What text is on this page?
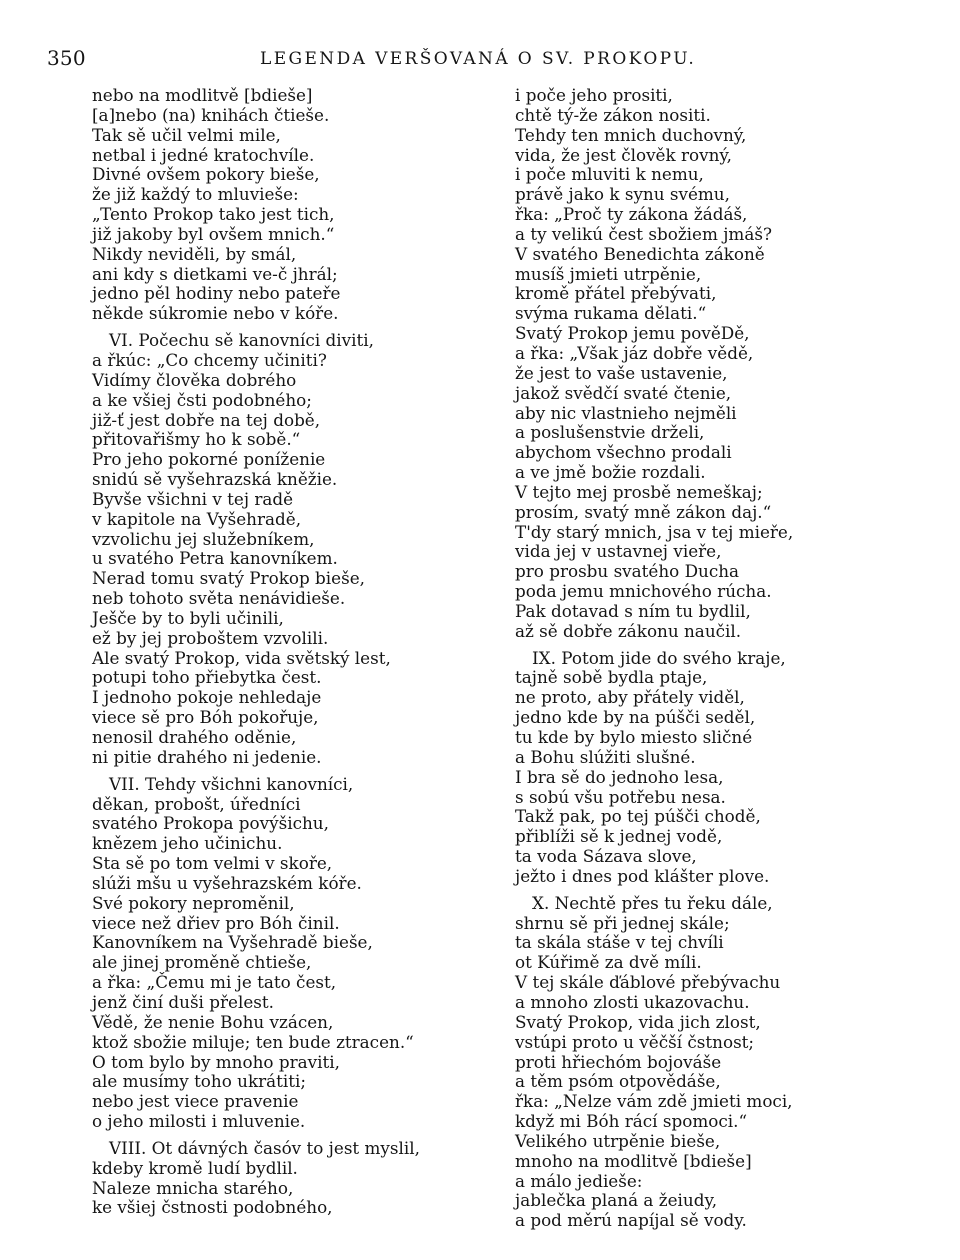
350	LEGENDA VERŠOVANÁ O SV. PROKOPU.
nebo na modlitvě [bdieše]
[a]nebo (na) knihách čtieše.
Tak sě učil velmi mile,
netbal i jedné kratochvíle.
Divné ovšem pokory bieše,
že již každý to mluvieše:
„Tento Prokop tako jest tich,
již jakoby byl ovšem mnich.“
Nikdy neviděli, by smál,
ani kdy s dietkami ve-č jhrál;
jedno pěl hodiny nebo pateře
někde súkromie nebo v kóře.
VI. Počechu sě kanovníci diviti,
a řkúc: „Co chcemy učiniti?
Vidímy člověka dobrého
a ke všiej čsti podobného;
již-ť jest dobře na tej době,
přitovařišmy ho k sobě.“
Pro jeho pokorné poníženie
snidú sě vyšehrazská kněžie.
Byvše všichni v tej radě
v kapitole na Vyšehradě,
vzvolichu jej služebníkem,
u svatého Petra kanovníkem.
Nerad tomu svatý Prokop bieše,
neb tohoto světa nenávidieše.
Ješče by to byli učinili,
ež by jej proboštem vzvolili.
Ale svatý Prokop, vida světský lest,
potupi toho přiebytka čest.
I jednoho pokoje nehledaje
viece sě pro Bóh pokořuje,
nenosil drahého oděnie,
ni pitie drahého ni jedenie.
VII. Tehdy všichni kanovníci,
děkan, probošt, úředníci
svatého Prokopa povýšichu,
knězem jeho učinichu.
Sta sě po tom velmi v skoře,
slúži mšu u vyšehrazském kóře.
Své pokory neproměnil,
viece než dřiev pro Bóh činil.
Kanovníkem na Vyšehradě bieše,
ale jinej proměně chtieše,
a řka: „Čemu mi je tato čest,
jenž činí duši přelest.
Vědě, že nenie Bohu vzácen,
ktož sbožie miluje; ten bude ztracen.“
O tom bylo by mnoho praviti,
ale musímy toho ukrátiti;
nebo jest viece pravenie
o jeho milosti i mluvenie.
VIII. Ot dávných časóv to jest myslil,
kdeby kromě ludí bydlil.
Naleze mnicha starého,
ke všiej čstnosti podobného,
i poče jeho prositi,
chtě tý-že zákon nositi.
Tehdy ten mnich duchovný,
vida, že jest člověk rovný,
i poče mluviti k nemu,
právě jako k synu svému,
řka: „Proč ty zákona žádáš,
a ty velikú čest sbožiem jmáš?
V svatého Benedichta zákoně
musíš jmieti utrpěnie,
kromě přátel přebývati,
svýma rukama dělati.“
Svatý Prokop jemu pověDě,
a řka: „Však jáz dobře vědě,
že jest to vaše ustavenie,
jakož svědčí svaté čtenie,
aby nic vlastnieho nejměli
a poslušenstvie drželi,
abychom všechno prodali
a ve jmě božie rozdali.
V tejto mej prosbě nemeškaj;
prosím, svatý mně zákon daj.“
T'dy starý mnich, jsa v tej mieře,
vida jej v ustavnej vieře,
pro prosbu svatého Ducha
poda jemu mnichového rúcha.
Pak dotavad s ním tu bydlil,
až sě dobře zákonu naučil.
IX. Potom jide do svého kraje,
tajně sobě bydla ptaje,
ne proto, aby přátely viděl,
jedno kde by na púšči seděl,
tu kde by bylo miesto sličné
a Bohu slúžiti slušné.
I bra sě do jednoho lesa,
s sobú všu potřebu nesa.
Takž pak, po tej púšči chodě,
přiblíži sě k jednej vodě,
ta voda Sázava slove,
ježto i dnes pod klášter plove.
X. Nechtě přes tu řeku dále,
shrnu sě při jednej skále;
ta skála stáše v tej chvíli
ot Kúřimě za dvě míli.
V tej skále ďáblové přebývachu
a mnoho zlosti ukazovachu.
Svatý Prokop, vida jich zlost,
vstúpi proto u věčší čstnost;
proti hřiechóm bojováše
a těm psóm otpovědáše,
řka: „Nelze vám zdě jmieti moci,
když mi Bóh rácí spomoci.“
Velikého utrpěnie bieše,
mnoho na modlitvě [bdieše]
a málo jedieše:
jablečka planá a žeiudy,
a pod měrú napíjal sě vody.
